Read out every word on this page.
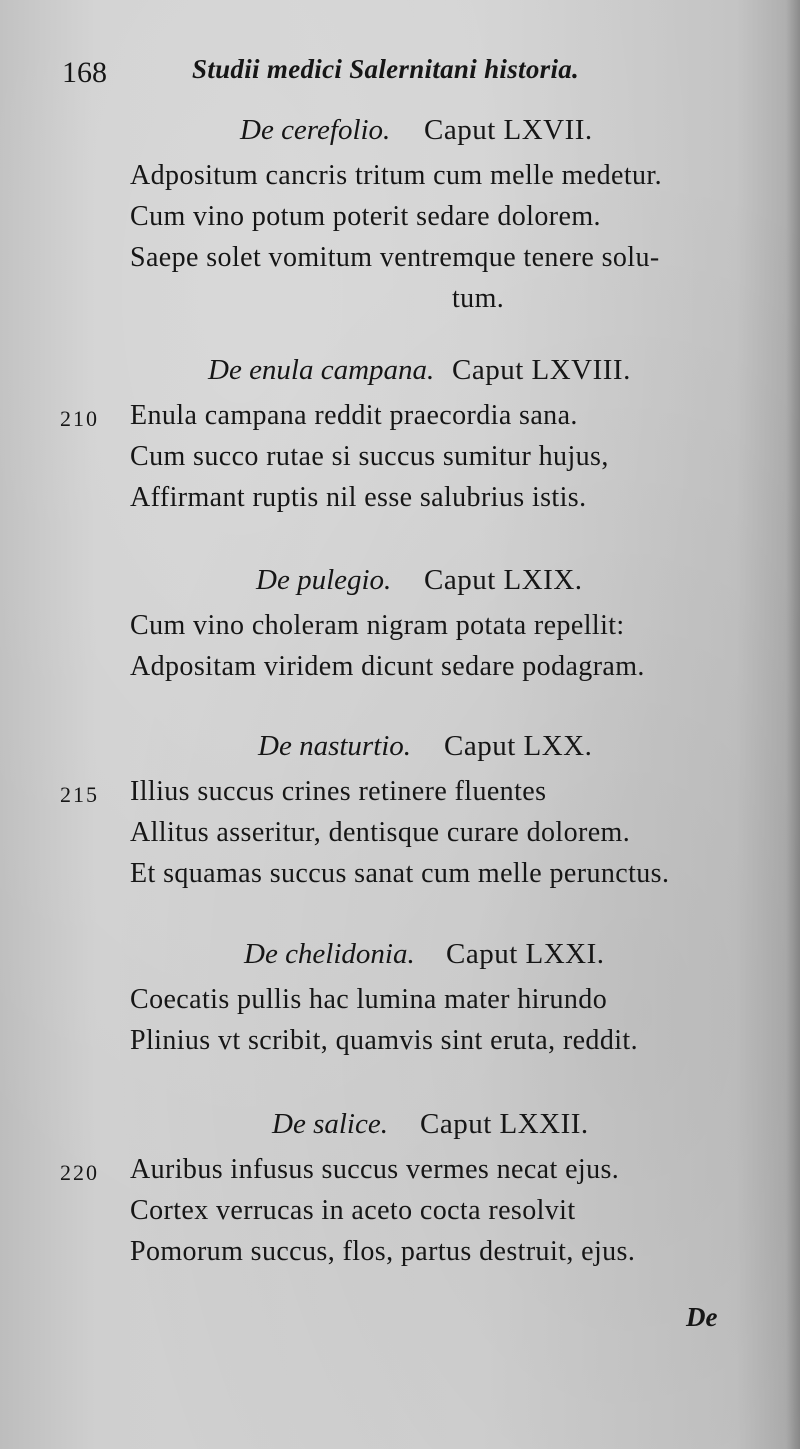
168	Studii medici Salernitani historia.
De cerefolio. Caput LXVII.
Adpositum cancris tritum cum melle medetur.
Cum vino potum poterit sedare dolorem.
Saepe solet vomitum ventremque tenere solu-
tum.
De enula campana. Caput LXVIII.
210 Enula campana reddit praecordia sana.
Cum succo rutae si succus sumitur hujus,
Affirmant ruptis nil esse salubrius istis.
De pulegio. Caput LXIX.
Cum vino choleram nigram potata repellit:
Adpositam viridem dicunt sedare podagram.
De nasturtio. Caput LXX.
215 Illius succus crines retinere fluentes
Allitus asseritur, dentisque curare dolorem.
Et squamas succus sanat cum melle perunctus.
De chelidonia. Caput LXXI.
Coecatis pullis hac lumina mater hirundo
Plinius vt scribit, quamvis sint eruta, reddit.
De salice. Caput LXXII.
220 Auribus infusus succus vermes necat ejus.
Cortex verrucas in aceto cocta resolvit
Pomorum succus, flos, partus destruit, ejus.
De
